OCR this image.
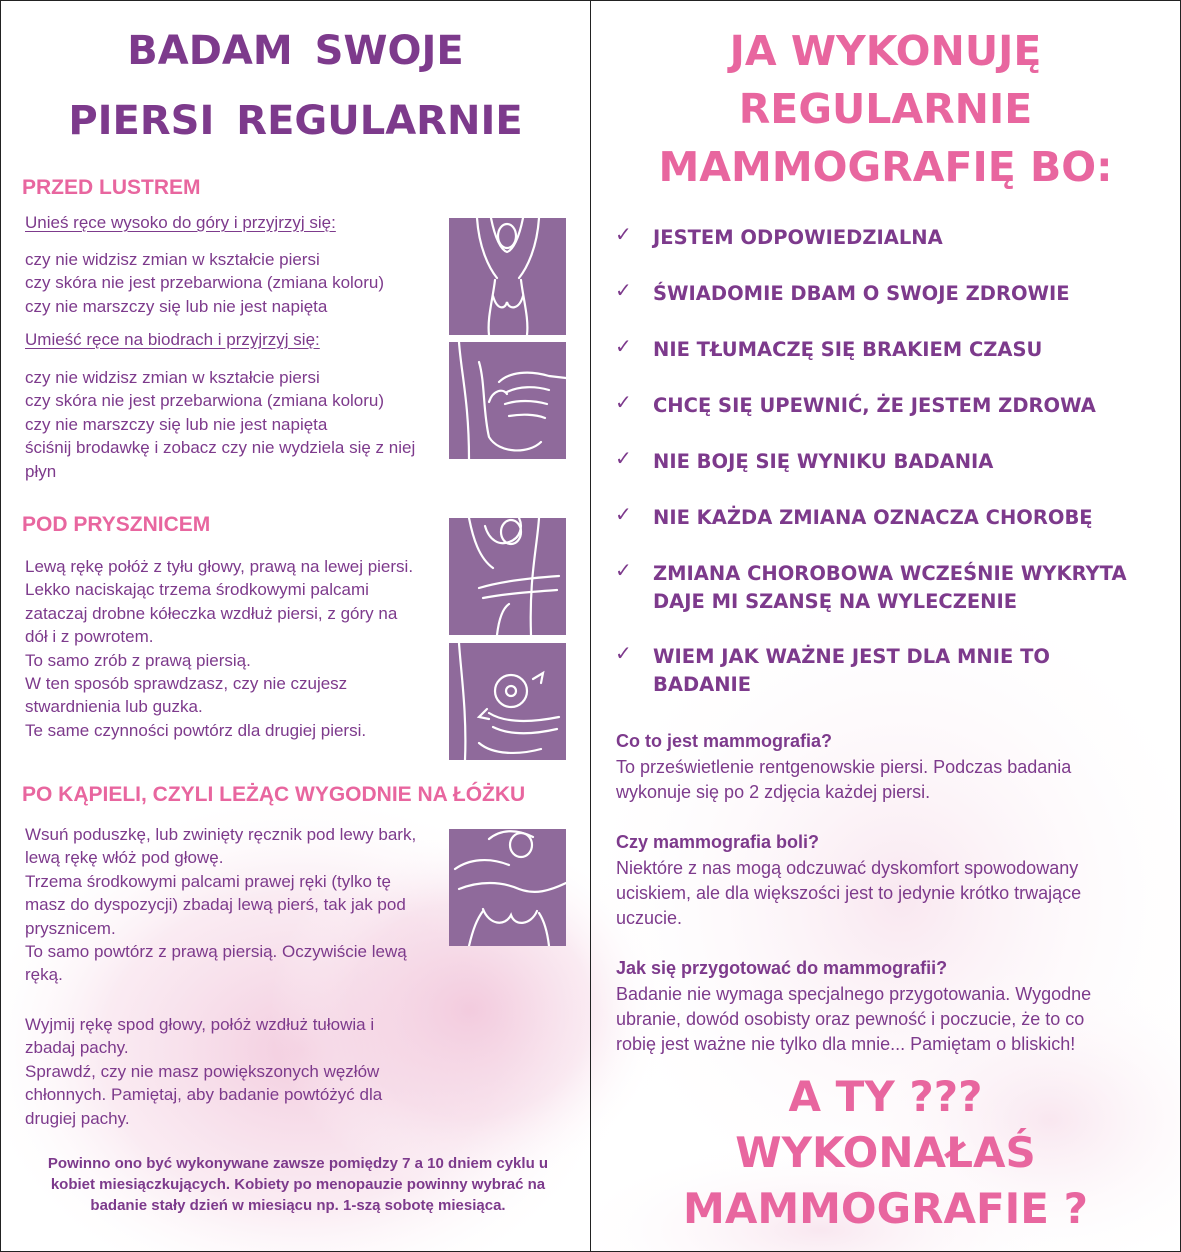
BADAM SWOJE
PIERSI REGULARNIE
PRZED LUSTREM
Unieś ręce wysoko do góry i przyjrzyj się:
czy nie widzisz zmian w kształcie piersi
czy skóra nie jest przebarwiona (zmiana koloru)
czy nie marszczy się lub nie jest napięta
Umieść ręce na biodrach i przyjrzyj się:
czy nie widzisz zmian w kształcie piersi
czy skóra nie jest przebarwiona (zmiana koloru)
czy nie marszczy się lub nie jest napięta
ściśnij brodawkę i zobacz czy nie wydziela się z niej
płyn
POD PRYSZNICEM
Lewą rękę połóż z tyłu głowy, prawą na lewej piersi.
Lekko naciskając trzema środkowymi palcami
zataczaj drobne kółeczka wzdłuż piersi, z góry na
dół i z powrotem.
To samo zrób z prawą piersią.
W ten sposób sprawdzasz, czy nie czujesz
stwardnienia lub guzka.
Te same czynności powtórz dla drugiej piersi.
PO KĄPIELI, CZYLI LEŻĄC WYGODNIE NA ŁÓŻKU
Wsuń poduszkę, lub zwinięty ręcznik pod lewy bark,
lewą rękę włóż pod głowę.
Trzema środkowymi palcami prawej ręki (tylko tę
masz do dyspozycji) zbadaj lewą pierś, tak jak pod
prysznicem.
To samo powtórz z prawą piersią. Oczywiście lewą
ręką.
Wyjmij rękę spod głowy, połóż wzdłuż tułowia i
zbadaj pachy.
Sprawdź, czy nie masz powiększonych węzłów
chłonnych. Pamiętaj, aby badanie powtóżyć dla
drugiej pachy.
Powinno ono być wykonywane zawsze pomiędzy 7 a 10 dniem cyklu u
kobiet miesiączkujących. Kobiety po menopauzie powinny wybrać na
badanie stały dzień w miesiącu np. 1-szą sobotę miesiąca.
JA WYKONUJĘ
REGULARNIE
MAMMOGRAFIĘ BO:
✓ JESTEM ODPOWIEDZIALNA
✓ ŚWIADOMIE DBAM O SWOJE ZDROWIE
✓ NIE TŁUMACZĘ SIĘ BRAKIEM CZASU
✓ CHCĘ SIĘ UPEWNIĆ, ŻE JESTEM ZDROWA
✓ NIE BOJĘ SIĘ WYNIKU BADANIA
✓ NIE KAŻDA ZMIANA OZNACZA CHOROBĘ
✓ ZMIANA CHOROBOWA WCZEŚNIE WYKRYTA
DAJE MI SZANSĘ NA WYLECZENIE
✓ WIEM JAK WAŻNE JEST DLA MNIE TO
BADANIE
Co to jest mammografia?
To prześwietlenie rentgenowskie piersi. Podczas badania
wykonuje się po 2 zdjęcia każdej piersi.
Czy mammografia boli?
Niektóre z nas mogą odczuwać dyskomfort spowodowany
uciskiem, ale dla większości jest to jedynie krótko trwające
uczucie.
Jak się przygotować do mammografii?
Badanie nie wymaga specjalnego przygotowania. Wygodne
ubranie, dowód osobisty oraz pewność i poczucie, że to co
robię jest ważne nie tylko dla mnie... Pamiętam o bliskich!
A TY ???
WYKONAŁAŚ
MAMMOGRAFIE ?
